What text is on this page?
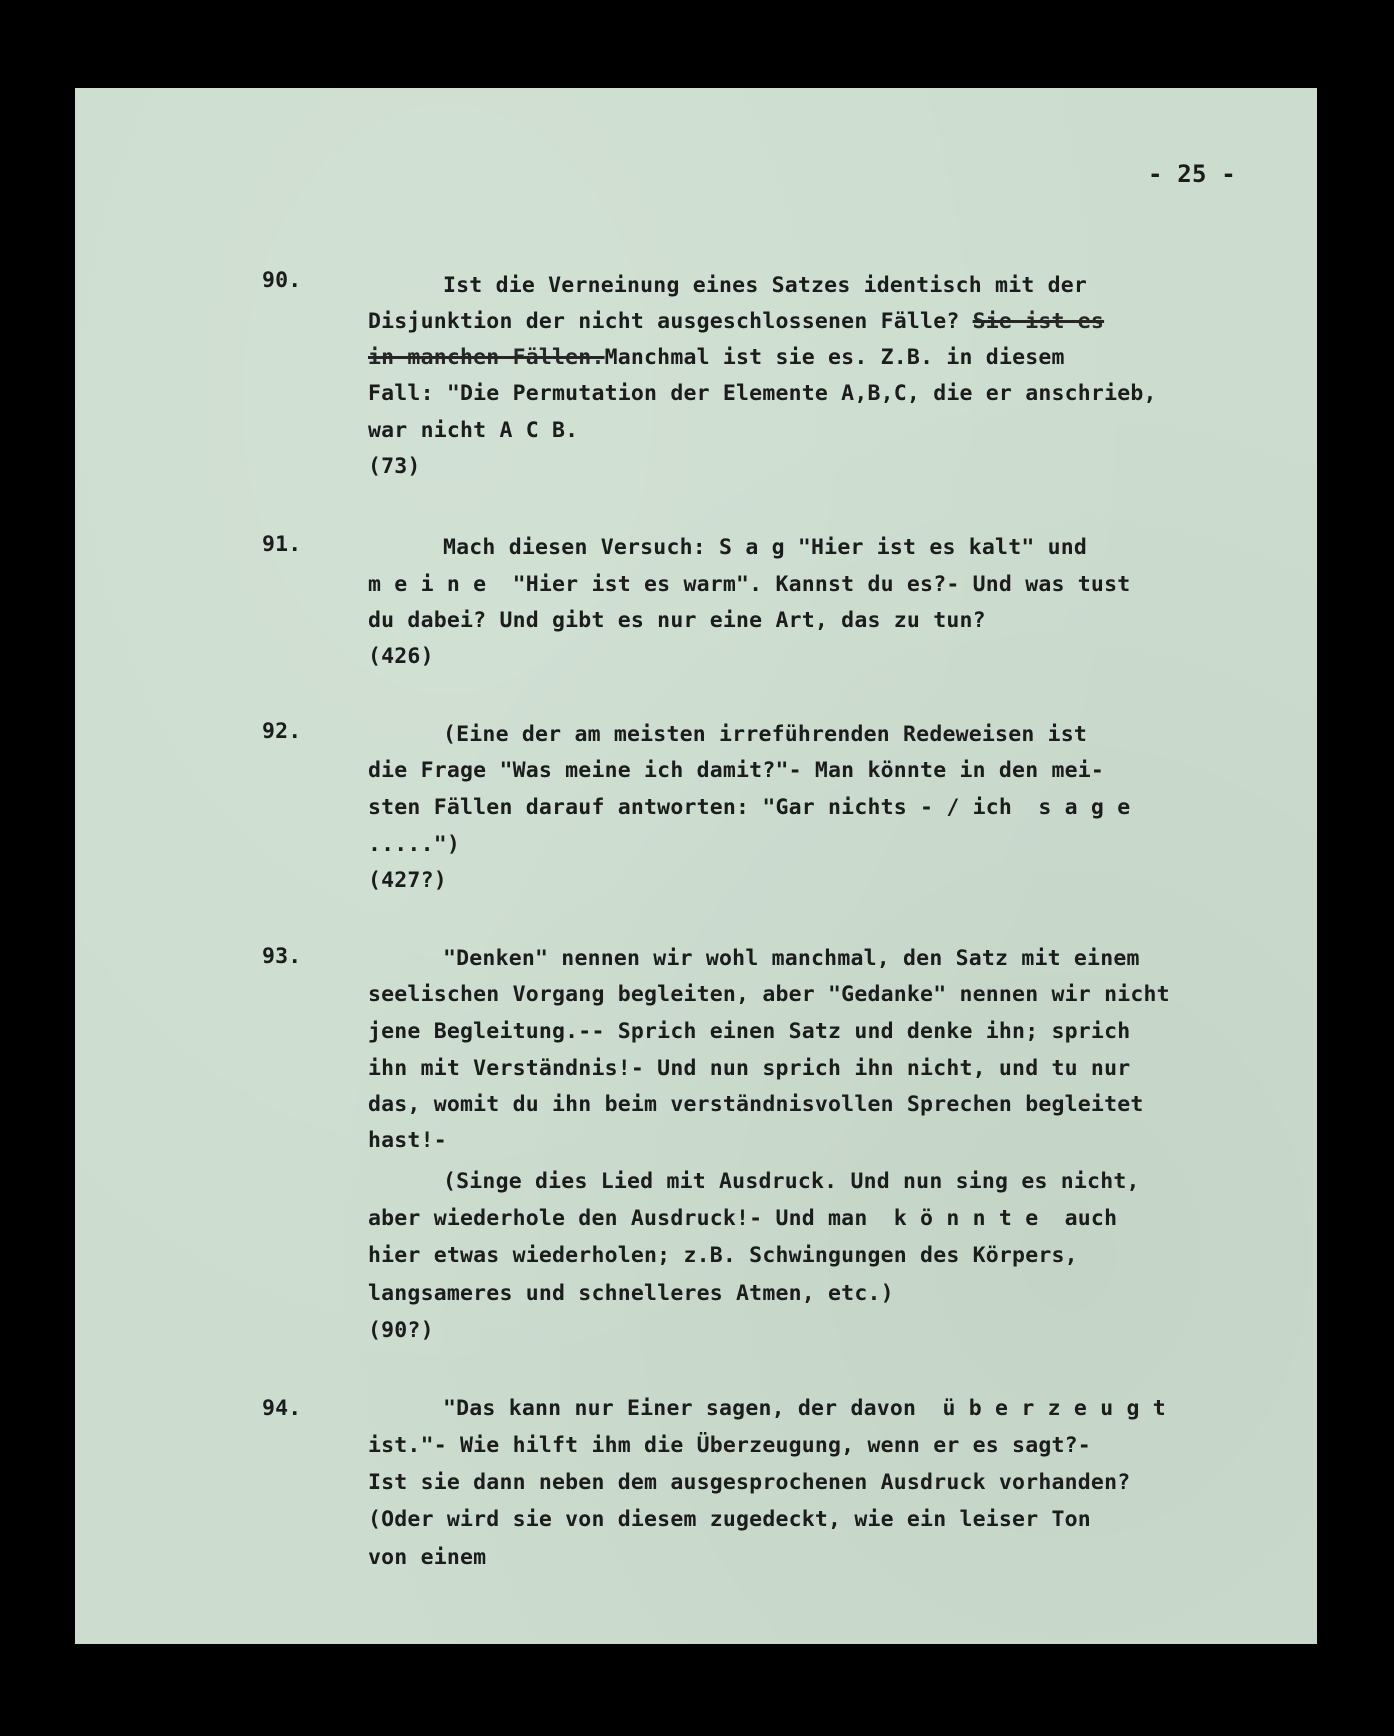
- 25 -
90.	Ist die Verneinung eines Satzes identisch mit der
Disjunktion der nicht ausgeschlossenen Fälle? Sie ist es
in manchen Fällen.Manchmal ist sie es. Z.B. in diesem
Fall: "Die Permutation der Elemente A,B,C, die er anschrieb,
war nicht A C B.
(73)
91.	Mach diesen Versuch: S a g "Hier ist es kalt" und
m e i n e  "Hier ist es warm". Kannst du es?- Und was tust
du dabei? Und gibt es nur eine Art, das zu tun?
(426)
92.	(Eine der am meisten irreführenden Redeweisen ist
die Frage "Was meine ich damit?"- Man könnte in den mei-
sten Fällen darauf antworten: "Gar nichts - / ich  s a g e
.....")
(427?)
93.	"Denken" nennen wir wohl manchmal, den Satz mit einem
seelischen Vorgang begleiten, aber "Gedanke" nennen wir nicht
jene Begleitung.-- Sprich einen Satz und denke ihn; sprich
ihn mit Verständnis!- Und nun sprich ihn nicht, und tu nur
das, womit du ihn beim verständnisvollen Sprechen begleitet
hast!-
(Singe dies Lied mit Ausdruck. Und nun sing es nicht,
aber wiederhole den Ausdruck!- Und man  k ö n n t e  auch
hier etwas wiederholen; z.B. Schwingungen des Körpers,
langsameres und schnelleres Atmen, etc.)
(90?)
94.	"Das kann nur Einer sagen, der davon  ü b e r z e u g t
ist."- Wie hilft ihm die Überzeugung, wenn er es sagt?-
Ist sie dann neben dem ausgesprochenen Ausdruck vorhanden?
(Oder wird sie von diesem zugedeckt, wie ein leiser Ton
von einem
